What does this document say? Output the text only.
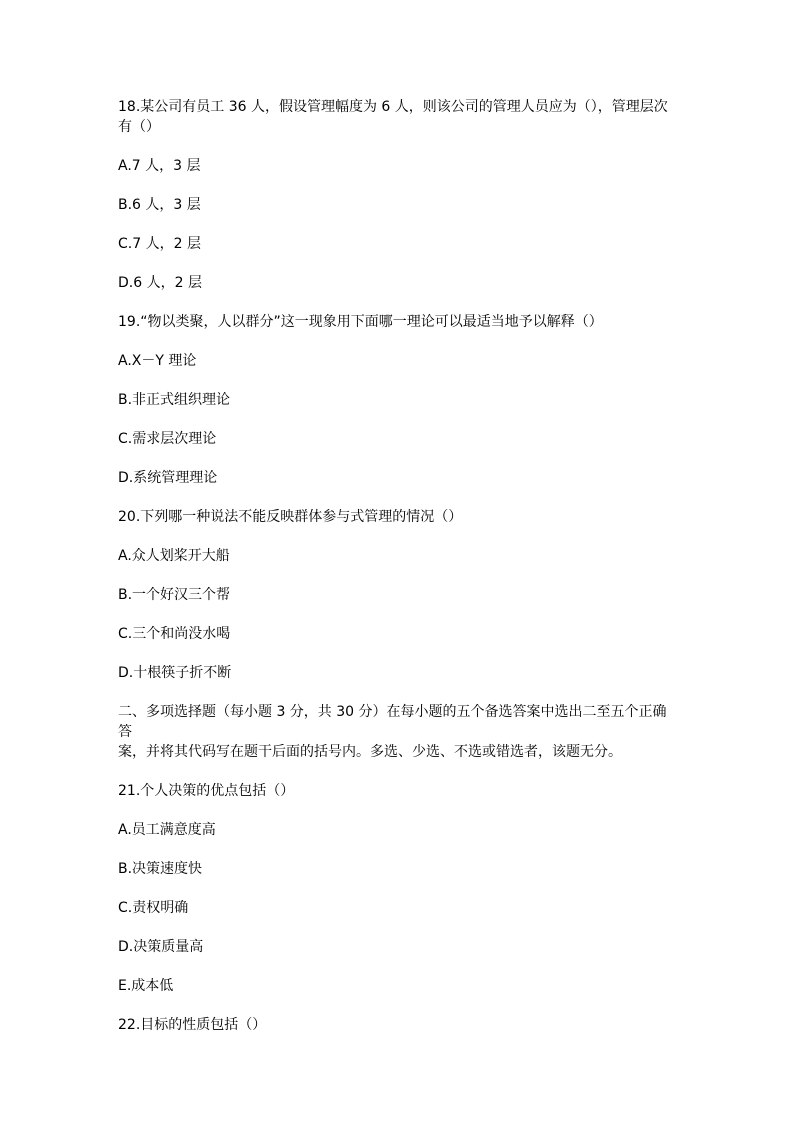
18.某公司有员工 36 人，假设管理幅度为 6 人，则该公司的管理人员应为（），管理层次
有（）
A.7 人，3 层
B.6 人，3 层
C.7 人，2 层
D.6 人，2 层
19.“物以类聚，人以群分”这一现象用下面哪一理论可以最适当地予以解释（）
A.X－Y 理论
B.非正式组织理论
C.需求层次理论
D.系统管理理论
20.下列哪一种说法不能反映群体参与式管理的情况（）
A.众人划桨开大船
B.一个好汉三个帮
C.三个和尚没水喝
D.十根筷子折不断
二、多项选择题（每小题 3 分，共 30 分）在每小题的五个备选答案中选出二至五个正确答
案，并将其代码写在题干后面的括号内。多选、少选、不选或错选者，该题无分。
21.个人决策的优点包括（）
A.员工满意度高
B.决策速度快
C.责权明确
D.决策质量高
E.成本低
22.目标的性质包括（）
